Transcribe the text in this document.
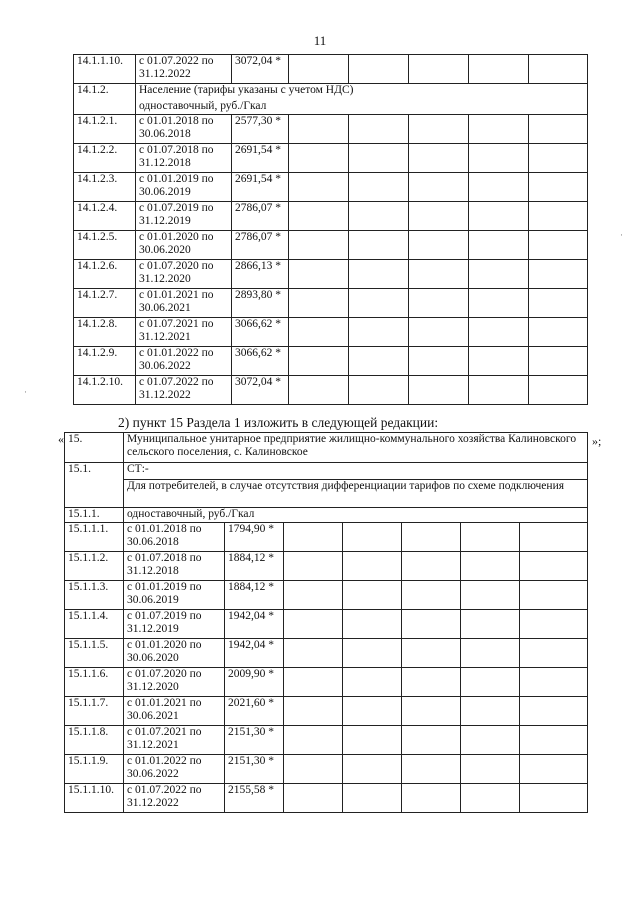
11
14.1.1.10.	с 01.07.2022 по 31.12.2022	3072,04 *					
14.1.2.	Население (тарифы указаны с учетом НДС)						
	одноставочный, руб./Гкал						
14.1.2.1.	с 01.01.2018 по 30.06.2018	2577,30 *					
14.1.2.2.	с 01.07.2018 по 31.12.2018	2691,54 *					
14.1.2.3.	с 01.01.2019 по 30.06.2019	2691,54 *					
14.1.2.4.	с 01.07.2019 по 31.12.2019	2786,07 *					
14.1.2.5.	с 01.01.2020 по 30.06.2020	2786,07 *					
14.1.2.6.	с 01.07.2020 по 31.12.2020	2866,13 *					
14.1.2.7.	с 01.01.2021 по 30.06.2021	2893,80 *					
14.1.2.8.	с 01.07.2021 по 31.12.2021	3066,62 *					
14.1.2.9.	с 01.01.2022 по 30.06.2022	3066,62 *					
14.1.2.10.	с 01.07.2022 по 31.12.2022	3072,04 *					
2) пункт 15 Раздела 1 изложить в следующей редакции:
»;
« 15.	Муниципальное унитарное предприятие жилищно-коммунального хозяйства Калиновского сельского поселения, с. Калиновское						
15.1.	СТ:-						
	Для потребителей, в случае отсутствия дифференциации тарифов по схеме подключения						
15.1.1.	одноставочный, руб./Гкал						
15.1.1.1.	с 01.01.2018 по 30.06.2018	1794,90 *					
15.1.1.2.	с 01.07.2018 по 31.12.2018	1884,12 *					
15.1.1.3.	с 01.01.2019 по 30.06.2019	1884,12 *					
15.1.1.4.	с 01.07.2019 по 31.12.2019	1942,04 *					
15.1.1.5.	с 01.01.2020 по 30.06.2020	1942,04 *					
15.1.1.6.	с 01.07.2020 по 31.12.2020	2009,90 *					
15.1.1.7.	с 01.01.2021 по 30.06.2021	2021,60 *					
15.1.1.8.	с 01.07.2021 по 31.12.2021	2151,30 *					
15.1.1.9.	с 01.01.2022 по 30.06.2022	2151,30 *					
15.1.1.10.	с 01.07.2022 по 31.12.2022	2155,58 *					
·
·
